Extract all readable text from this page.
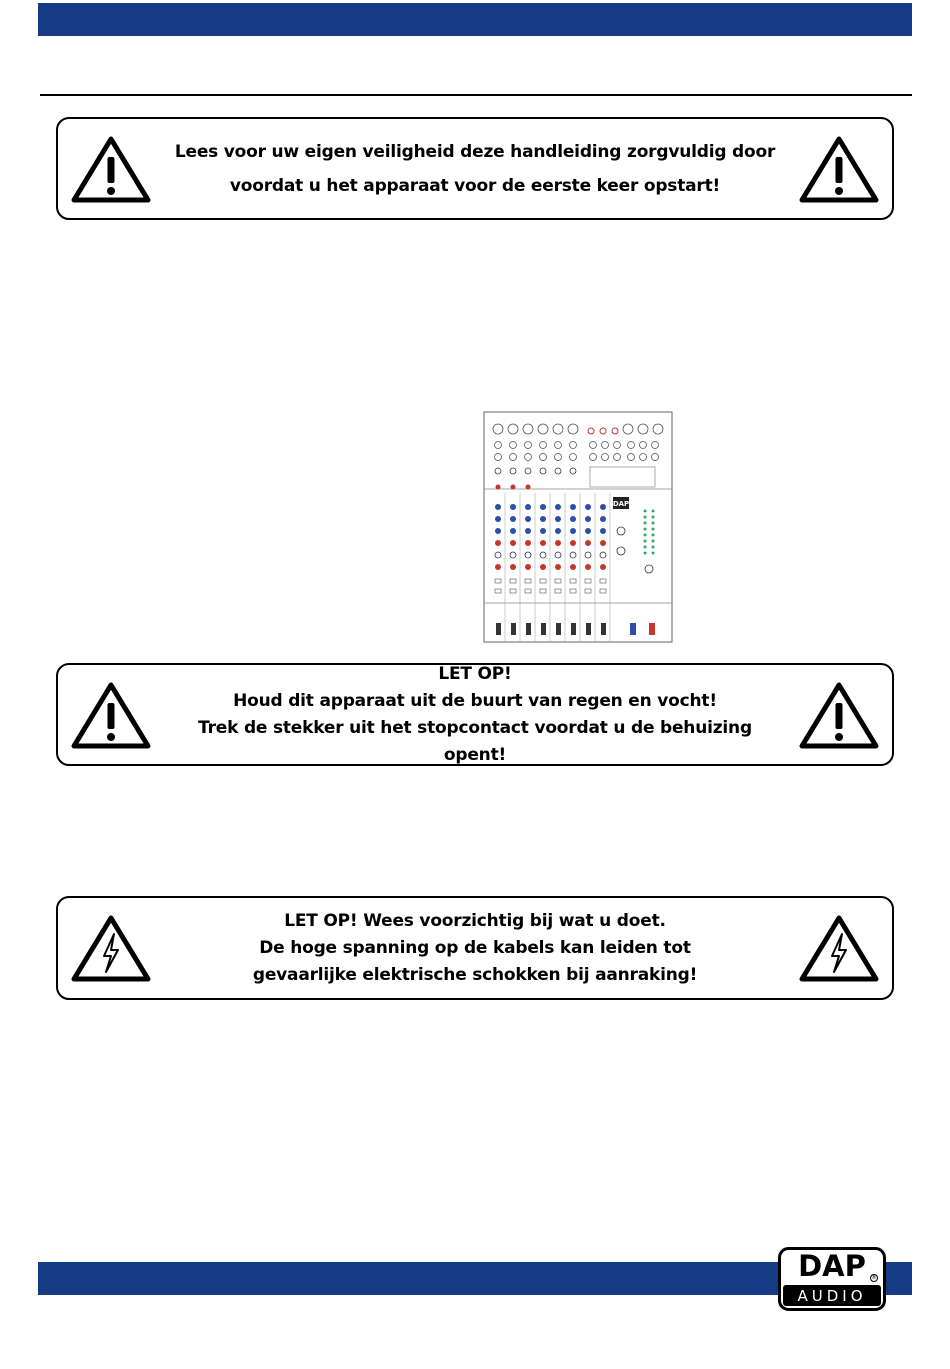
Lees voor uw eigen veiligheid deze handleiding zorgvuldig door
voordat u het apparaat voor de eerste keer opstart!
DAP
LET OP!
Houd dit apparaat uit de buurt van regen en vocht!
Trek de stekker uit het stopcontact voordat u de behuizing opent!
LET OP! Wees voorzichtig bij wat u doet.
De hoge spanning op de kabels kan leiden tot
gevaarlijke elektrische schokken bij aanraking!
DAP
AUDIO
®
